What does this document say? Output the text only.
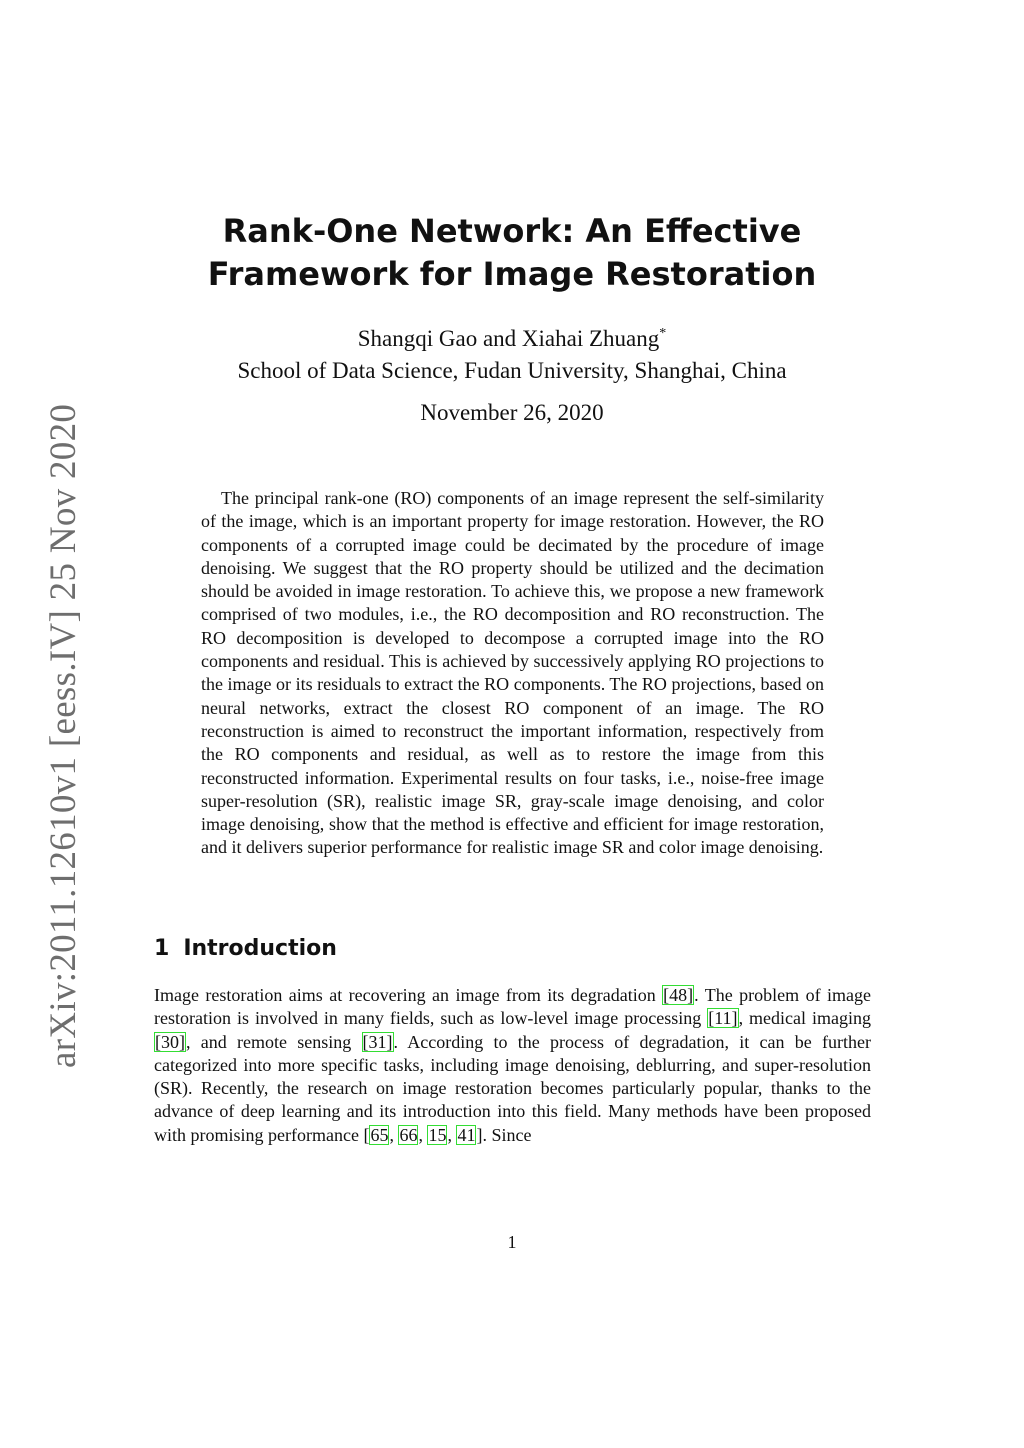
arXiv:2011.12610v1 [eess.IV] 25 Nov 2020
Rank-One Network: An Effective
Framework for Image Restoration
Shangqi Gao and Xiahai Zhuang*
School of Data Science, Fudan University, Shanghai, China
November 26, 2020

The principal rank-one (RO) components of an image represent the self-similarity of the image, which is an important property for image restoration. However, the RO components of a corrupted image could be decimated by the procedure of image denoising. We suggest that the RO property should be utilized and the decimation should be avoided in image restoration. To achieve this, we propose a new framework comprised of two modules, i.e., the RO decomposition and RO reconstruction. The RO decomposition is developed to decompose a corrupted image into the RO components and residual. This is achieved by successively applying RO projections to the image or its residuals to extract the RO components. The RO projections, based on neural networks, extract the closest RO component of an image. The RO reconstruction is aimed to reconstruct the important information, respectively from the RO components and residual, as well as to restore the image from this reconstructed information. Experimental results on four tasks, i.e., noise-free image super-resolution (SR), realistic image SR, gray-scale image denoising, and color image denoising, show that the method is effective and efficient for image restoration, and it delivers superior performance for realistic image SR and color image denoising.

1 Introduction

Image restoration aims at recovering an image from its degradation [48]. The problem of image restoration is involved in many fields, such as low-level image processing [11], medical imaging [30], and remote sensing [31]. According to the process of degradation, it can be further categorized into more specific tasks, including image denoising, deblurring, and super-resolution (SR). Recently, the research on image restoration becomes particularly popular, thanks to the advance of deep learning and its introduction into this field. Many methods have been proposed with promising performance [65, 66, 15, 41]. Since

1
